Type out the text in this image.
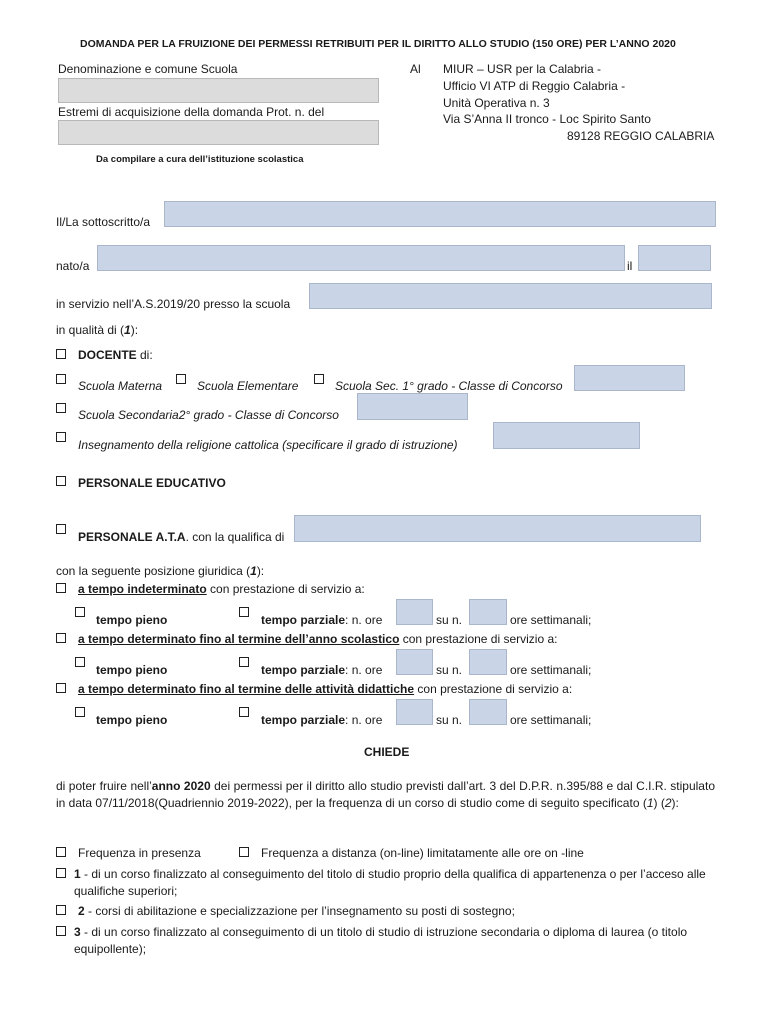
DOMANDA PER LA FRUIZIONE DEI PERMESSI RETRIBUITI PER IL DIRITTO ALLO STUDIO (150 ORE) PER L’ANNO 2020
Denominazione e comune Scuola
Estremi di acquisizione della domanda Prot. n. del
Da compilare a cura dell’istituzione scolastica
Al MIUR – USR per la Calabria -
Ufficio VI ATP di Reggio Calabria -
Unità Operativa n. 3
Via S’Anna II tronco - Loc Spirito Santo
89128 REGGIO CALABRIA
Il/La sottoscritto/a
nato/a	il
in servizio nell’A.S.2019/20 presso la scuola
in qualità di (1):
DOCENTE di:
Scuola Materna	Scuola Elementare	Scuola Sec. 1° grado - Classe di Concorso
Scuola Secondaria2° grado - Classe di Concorso
Insegnamento della religione cattolica (specificare il grado di istruzione)
PERSONALE EDUCATIVO
PERSONALE A.T.A. con la qualifica di
con la seguente posizione giuridica (1):
a tempo indeterminato con prestazione di servizio a:
tempo pieno	tempo parziale: n. ore	su n.	ore settimanali;
a tempo determinato fino al termine dell’anno scolastico con prestazione di servizio a:
tempo pieno	tempo parziale: n. ore	su n.	ore settimanali;
a tempo determinato fino al termine delle attività didattiche con prestazione di servizio a:
tempo pieno	tempo parziale: n. ore	su n.	ore settimanali;
CHIEDE
di poter fruire nell’anno 2020 dei permessi per il diritto allo studio previsti dall’art. 3 del D.P.R. n.395/88 e dal C.I.R. stipulato in data 07/11/2018(Quadriennio 2019-2022), per la frequenza di un corso di studio come di seguito specificato (1) (2):
Frequenza in presenza	Frequenza a distanza (on-line) limitatamente alle ore on -line
1 - di un corso finalizzato al conseguimento del titolo di studio proprio della qualifica di appartenenza o per l’acceso alle qualifiche superiori;
2 - corsi di abilitazione e specializzazione per l’insegnamento su posti di sostegno;
3 - di un corso finalizzato al conseguimento di un titolo di studio di istruzione secondaria o diploma di laurea (o titolo equipollente);
